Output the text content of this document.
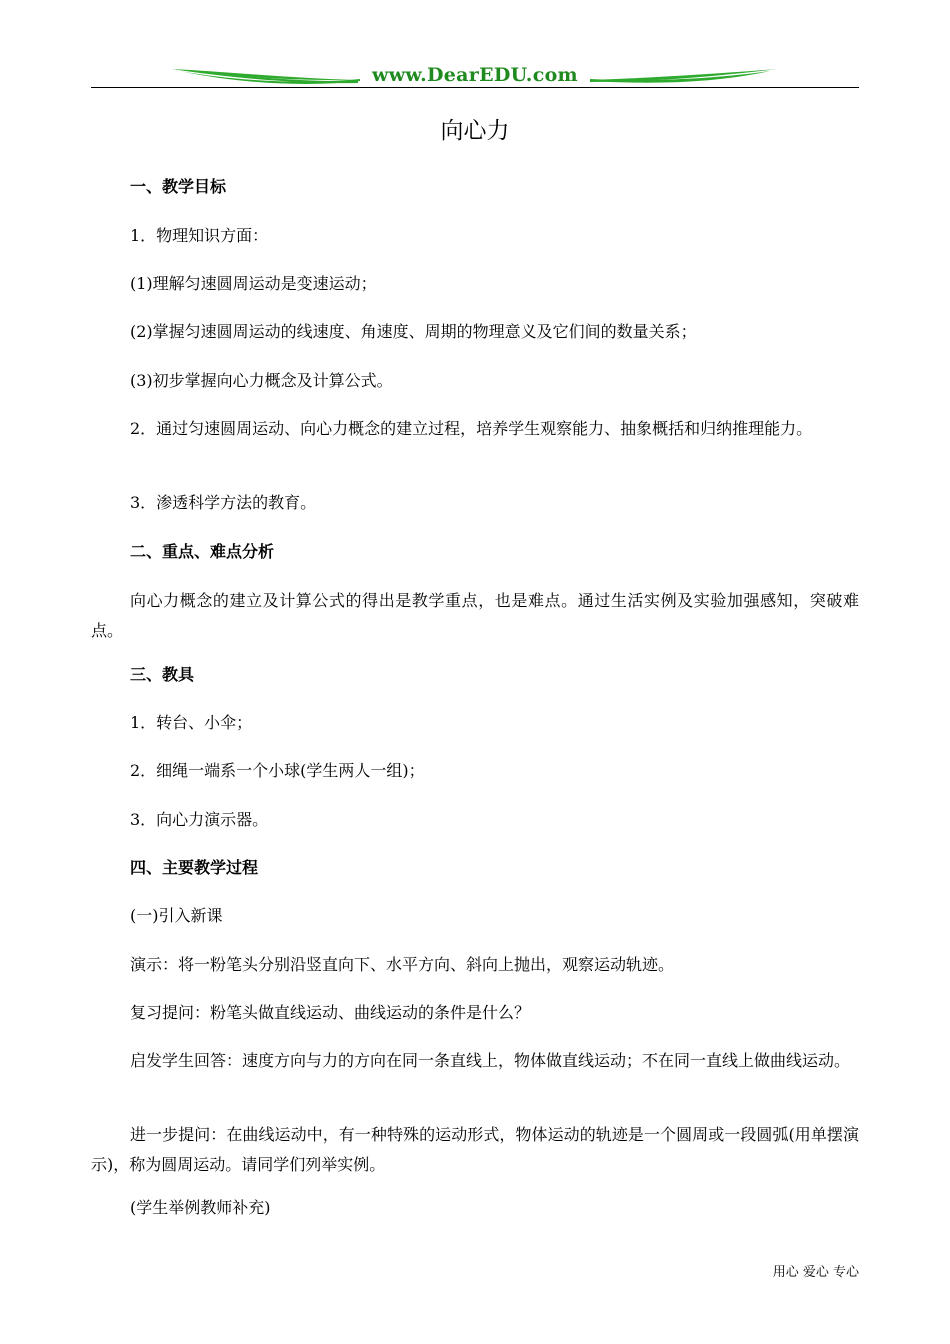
www.DearEDU.com
向心力
一、教学目标
1．物理知识方面：
(1)理解匀速圆周运动是变速运动；
(2)掌握匀速圆周运动的线速度、角速度、周期的物理意义及它们间的数量关系；
(3)初步掌握向心力概念及计算公式。
2．通过匀速圆周运动、向心力概念的建立过程，培养学生观察能力、抽象概括和归纳推理能力。
3．渗透科学方法的教育。
二、重点、难点分析
向心力概念的建立及计算公式的得出是教学重点，也是难点。通过生活实例及实验加强感知，突破难点。
三、教具
1．转台、小伞；
2．细绳一端系一个小球(学生两人一组)；
3．向心力演示器。
四、主要教学过程
(一)引入新课
演示：将一粉笔头分别沿竖直向下、水平方向、斜向上抛出，观察运动轨迹。
复习提问：粉笔头做直线运动、曲线运动的条件是什么？
启发学生回答：速度方向与力的方向在同一条直线上，物体做直线运动；不在同一直线上做曲线运动。
进一步提问：在曲线运动中，有一种特殊的运动形式，物体运动的轨迹是一个圆周或一段圆弧(用单摆演示)，称为圆周运动。请同学们列举实例。
(学生举例教师补充)
用心 爱心 专心
